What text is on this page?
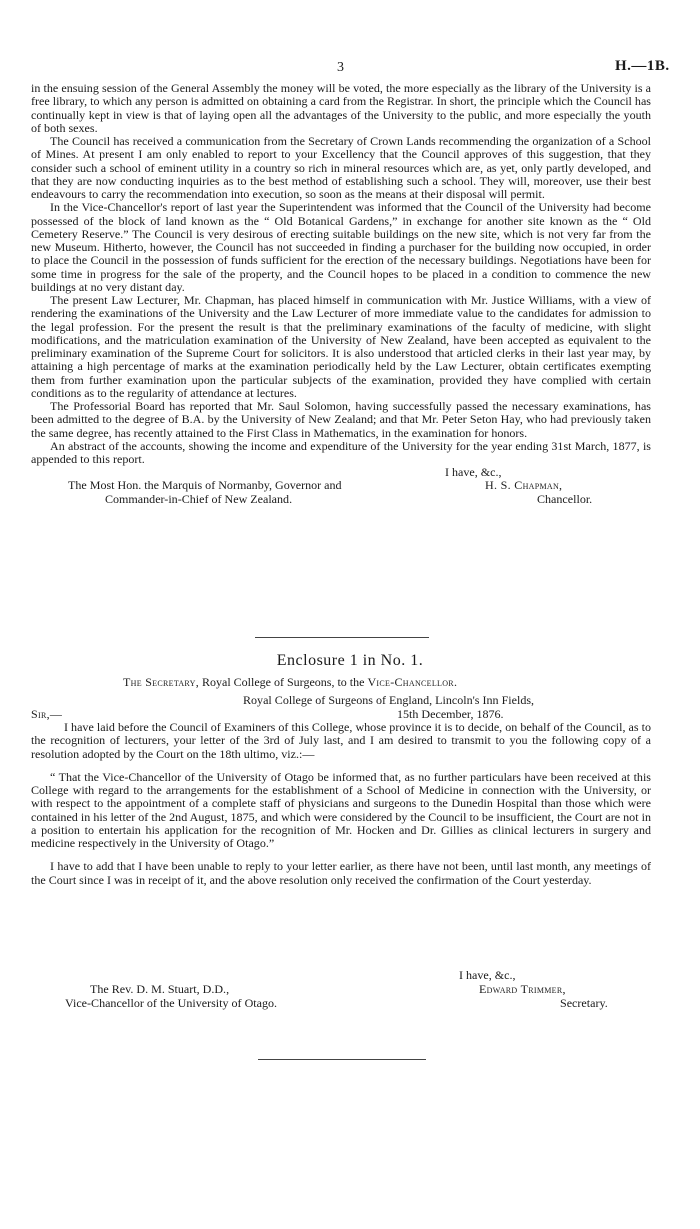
3	H.—1B.

in the ensuing session of the General Assembly the money will be voted, the more especially as the library of the University is a free library, to which any person is admitted on obtaining a card from the Registrar. In short, the principle which the Council has continually kept in view is that of laying open all the advantages of the University to the public, and more especially the youth of both sexes.

The Council has received a communication from the Secretary of Crown Lands recommending the organization of a School of Mines. At present I am only enabled to report to your Excellency that the Council approves of this suggestion, that they consider such a school of eminent utility in a country so rich in mineral resources which are, as yet, only partly developed, and that they are now conducting inquiries as to the best method of establishing such a school. They will, moreover, use their best endeavours to carry the recommendation into execution, so soon as the means at their disposal will permit.

In the Vice-Chancellor's report of last year the Superintendent was informed that the Council of the University had become possessed of the block of land known as the “ Old Botanical Gardens,” in exchange for another site known as the “ Old Cemetery Reserve.” The Council is very desirous of erecting suitable buildings on the new site, which is not very far from the new Museum. Hitherto, however, the Council has not succeeded in finding a purchaser for the building now occupied, in order to place the Council in the possession of funds sufficient for the erection of the necessary buildings. Negotiations have been for some time in progress for the sale of the property, and the Council hopes to be placed in a condition to commence the new buildings at no very distant day.

The present Law Lecturer, Mr. Chapman, has placed himself in communication with Mr. Justice Williams, with a view of rendering the examinations of the University and the Law Lecturer of more immediate value to the candidates for admission to the legal profession. For the present the result is that the preliminary examinations of the faculty of medicine, with slight modifications, and the matriculation examination of the University of New Zealand, have been accepted as equivalent to the preliminary examination of the Supreme Court for solicitors. It is also understood that articled clerks in their last year may, by attaining a high percentage of marks at the examination periodically held by the Law Lecturer, obtain certificates exempting them from further examination upon the particular subjects of the examination, provided they have complied with certain conditions as to the regularity of attendance at lectures.

The Professorial Board has reported that Mr. Saul Solomon, having successfully passed the necessary examinations, has been admitted to the degree of B.A. by the University of New Zealand; and that Mr. Peter Seton Hay, who had previously taken the same degree, has recently attained to the First Class in Mathematics, in the examination for honors.

An abstract of the accounts, showing the income and expenditure of the University for the year ending 31st March, 1877, is appended to this report.

I have, &c.,
H. S. Chapman,
The Most Hon. the Marquis of Normanby, Governor and
Commander-in-Chief of New Zealand.	Chancellor.
Enclosure 1 in No. 1.
The Secretary, Royal College of Surgeons, to the Vice-Chancellor.
Royal College of Surgeons of England, Lincoln's Inn Fields,
15th December, 1876.
Sir,—

I have laid before the Council of Examiners of this College, whose province it is to decide, on behalf of the Council, as to the recognition of lecturers, your letter of the 3rd of July last, and I am desired to transmit to you the following copy of a resolution adopted by the Court on the 18th ultimo, viz.:—

“ That the Vice-Chancellor of the University of Otago be informed that, as no further particulars have been received at this College with regard to the arrangements for the establishment of a School of Medicine in connection with the University, or with respect to the appointment of a complete staff of physicians and surgeons to the Dunedin Hospital than those which were contained in his letter of the 2nd August, 1875, and which were considered by the Council to be insufficient, the Court are not in a position to entertain his application for the recognition of Mr. Hocken and Dr. Gillies as clinical lecturers in surgery and medicine respectively in the University of Otago.”

I have to add that I have been unable to reply to your letter earlier, as there have not been, until last month, any meetings of the Court since I was in receipt of it, and the above resolution only received the confirmation of the Court yesterday.

I have, &c.,
Edward Trimmer,
The Rev. D. M. Stuart, D.D.,
Vice-Chancellor of the University of Otago.	Secretary.
